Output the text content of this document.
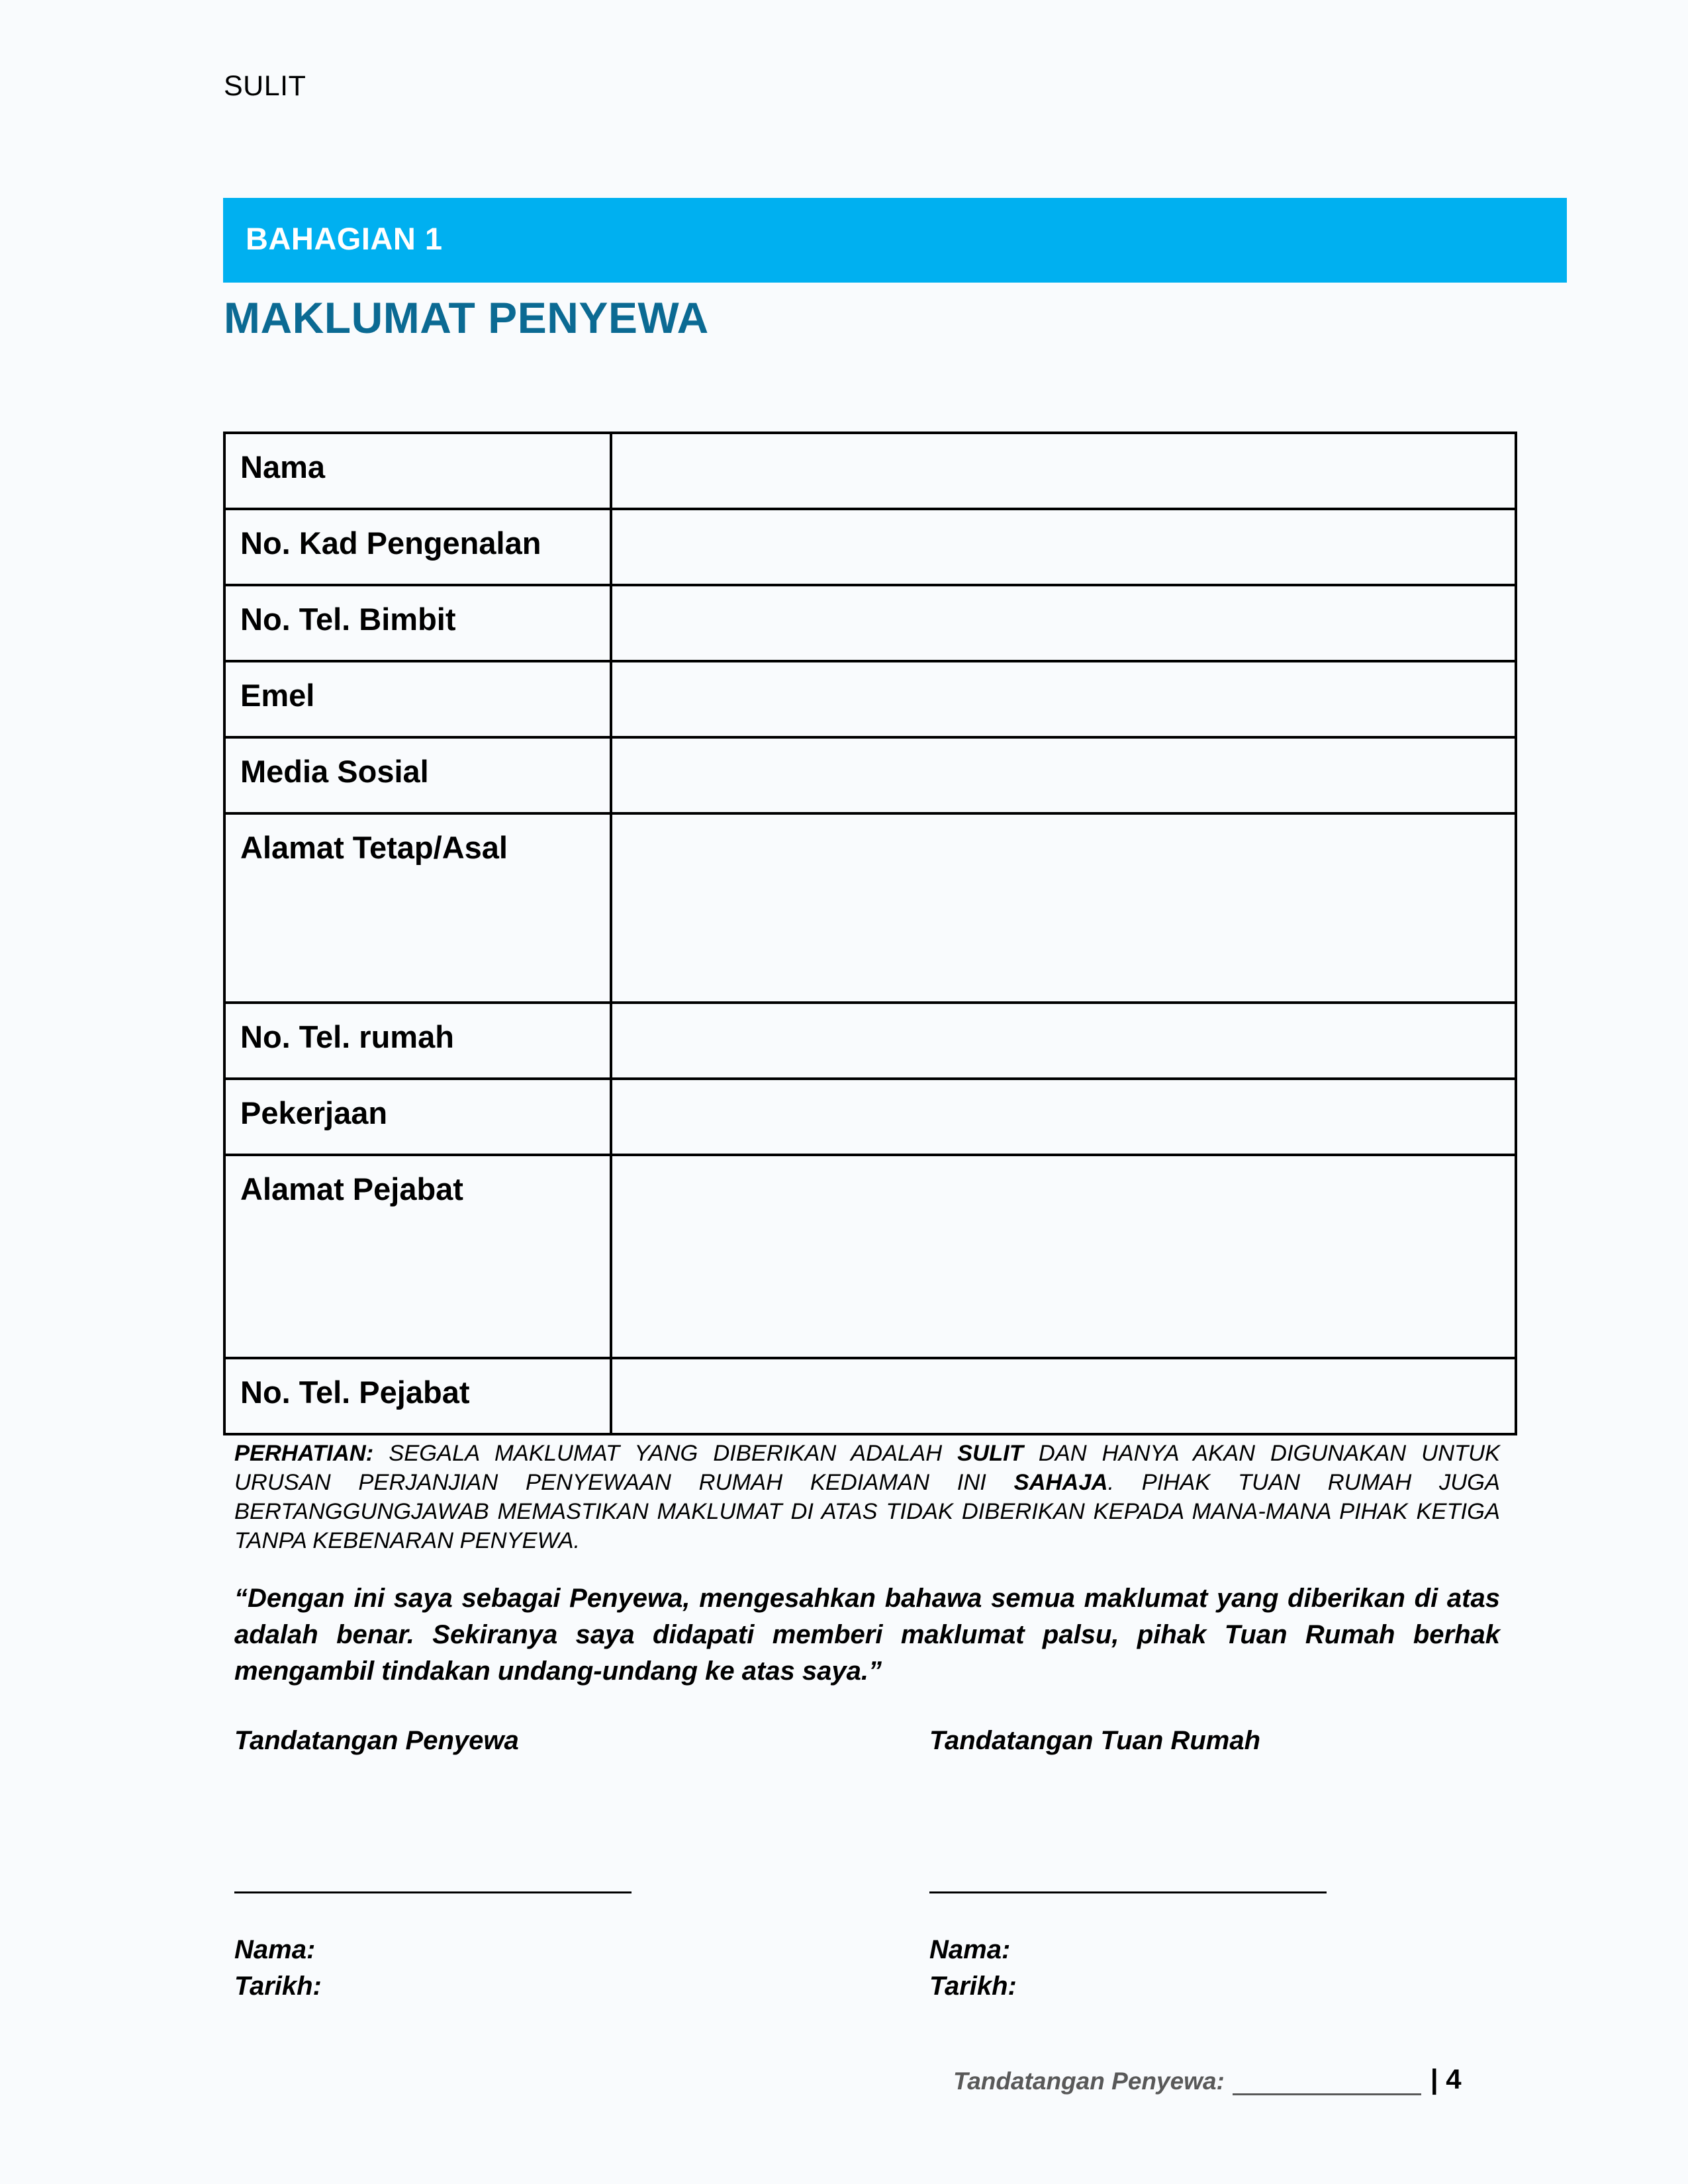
SULIT
BAHAGIAN 1
MAKLUMAT PENYEWA
Nama	
No. Kad Pengenalan	
No. Tel. Bimbit	
Emel	
Media Sosial	
Alamat Tetap/Asal	
No. Tel. rumah	
Pekerjaan	
Alamat Pejabat	
No. Tel. Pejabat	
PERHATIAN: SEGALA MAKLUMAT YANG DIBERIKAN ADALAH SULIT DAN HANYA AKAN DIGUNAKAN UNTUK URUSAN PERJANJIAN PENYEWAAN RUMAH KEDIAMAN INI SAHAJA. PIHAK TUAN RUMAH JUGA BERTANGGUNGJAWAB MEMASTIKAN MAKLUMAT DI ATAS TIDAK DIBERIKAN KEPADA MANA-MANA PIHAK KETIGA TANPA KEBENARAN PENYEWA.
“Dengan ini saya sebagai Penyewa, mengesahkan bahawa semua maklumat yang diberikan di atas adalah benar. Sekiranya saya didapati memberi maklumat palsu, pihak Tuan Rumah berhak mengambil tindakan undang-undang ke atas saya.”
Tandatangan Penyewa
Nama:
Tarikh:
Tandatangan Tuan Rumah
Nama:
Tarikh:
Tandatangan Penyewa:	| 4
